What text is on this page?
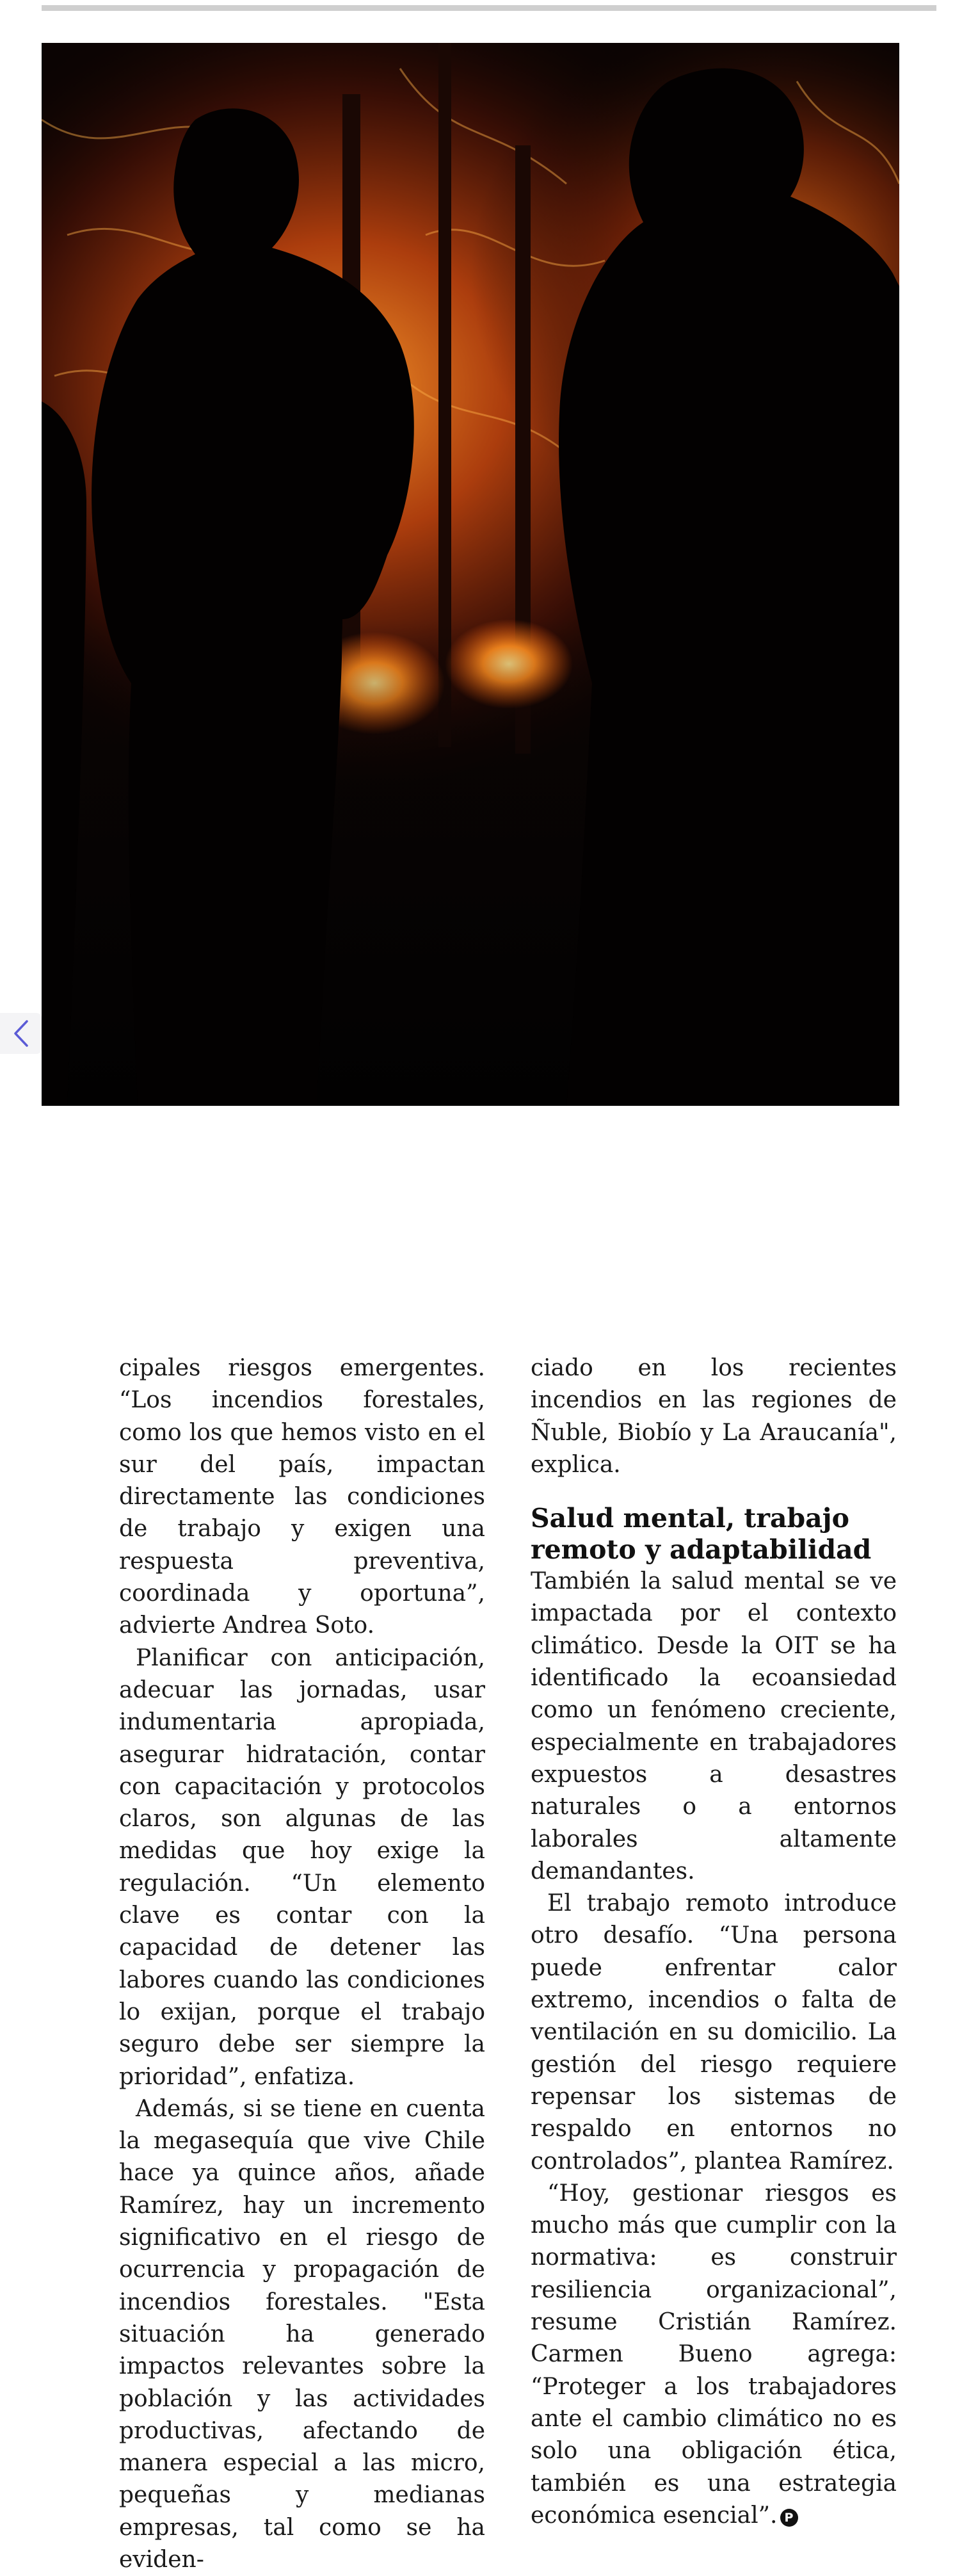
cipales riesgos emergentes. “Los incendios forestales, como los que hemos visto en el sur del país, impactan directamente las condiciones de trabajo y exigen una respuesta preventiva, coordinada y oportuna”, advierte Andrea Soto.

Planificar con anticipación, adecuar las jornadas, usar indumentaria apropiada, asegurar hidratación, contar con capacitación y protocolos claros, son algunas de las medidas que hoy exige la regulación. “Un elemento clave es contar con la capacidad de detener las labores cuando las condiciones lo exijan, porque el trabajo seguro debe ser siempre la prioridad”, enfatiza.

Además, si se tiene en cuenta la megasequía que vive Chile hace ya quince años, añade Ramírez, hay un incremento significativo en el riesgo de ocurrencia y propagación de incendios forestales. "Esta situación ha generado impactos relevantes sobre la población y las actividades productivas, afectando de manera especial a las micro, pequeñas y medianas empresas, tal como se ha eviden-

ciado en los recientes incendios en las regiones de Ñuble, Biobío y La Araucanía", explica.

Salud mental, trabajo remoto y adaptabilidad

También la salud mental se ve impactada por el contexto climático. Desde la OIT se ha identificado la ecoansiedad como un fenómeno creciente, especialmente en trabajadores expuestos a desastres naturales o a entornos laborales altamente demandantes.

El trabajo remoto introduce otro desafío. “Una persona puede enfrentar calor extremo, incendios o falta de ventilación en su domicilio. La gestión del riesgo requiere repensar los sistemas de respaldo en entornos no controlados”, plantea Ramírez.

“Hoy, gestionar riesgos es mucho más que cumplir con la normativa: es construir resiliencia organizacional”, resume Cristián Ramírez. Carmen Bueno agrega: “Proteger a los trabajadores ante el cambio climático no es solo una obligación ética, también es una estrategia económica esencial”. P
